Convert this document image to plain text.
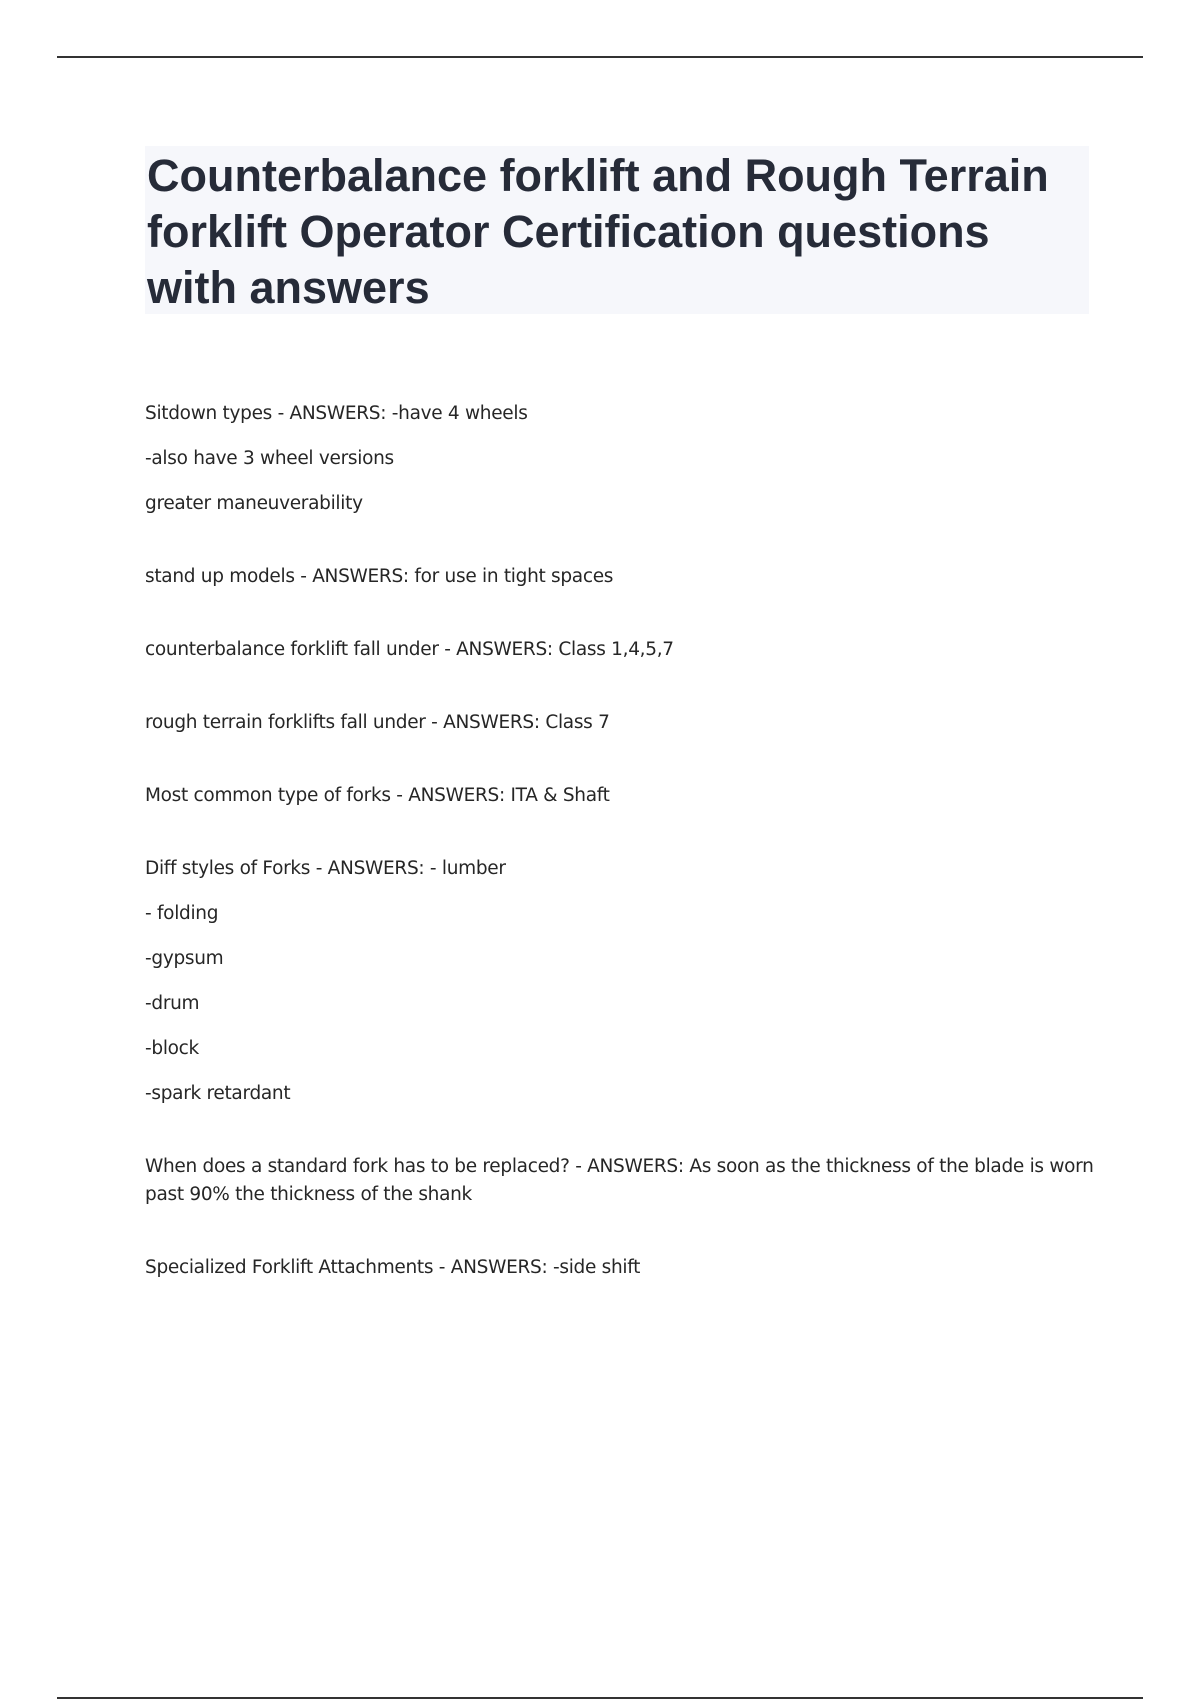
Counterbalance forklift and Rough Terrain forklift Operator Certification questions with answers

Sitdown types - ANSWERS: -have 4 wheels

-also have 3 wheel versions

greater maneuverability

stand up models - ANSWERS: for use in tight spaces

counterbalance forklift fall under - ANSWERS: Class 1,4,5,7

rough terrain forklifts fall under - ANSWERS: Class 7

Most common type of forks - ANSWERS: ITA & Shaft

Diff styles of Forks - ANSWERS: - lumber

- folding

-gypsum

-drum

-block

-spark retardant

When does a standard fork has to be replaced? - ANSWERS: As soon as the thickness of the blade is worn past 90% the thickness of the shank

Specialized Forklift Attachments - ANSWERS: -side shift
